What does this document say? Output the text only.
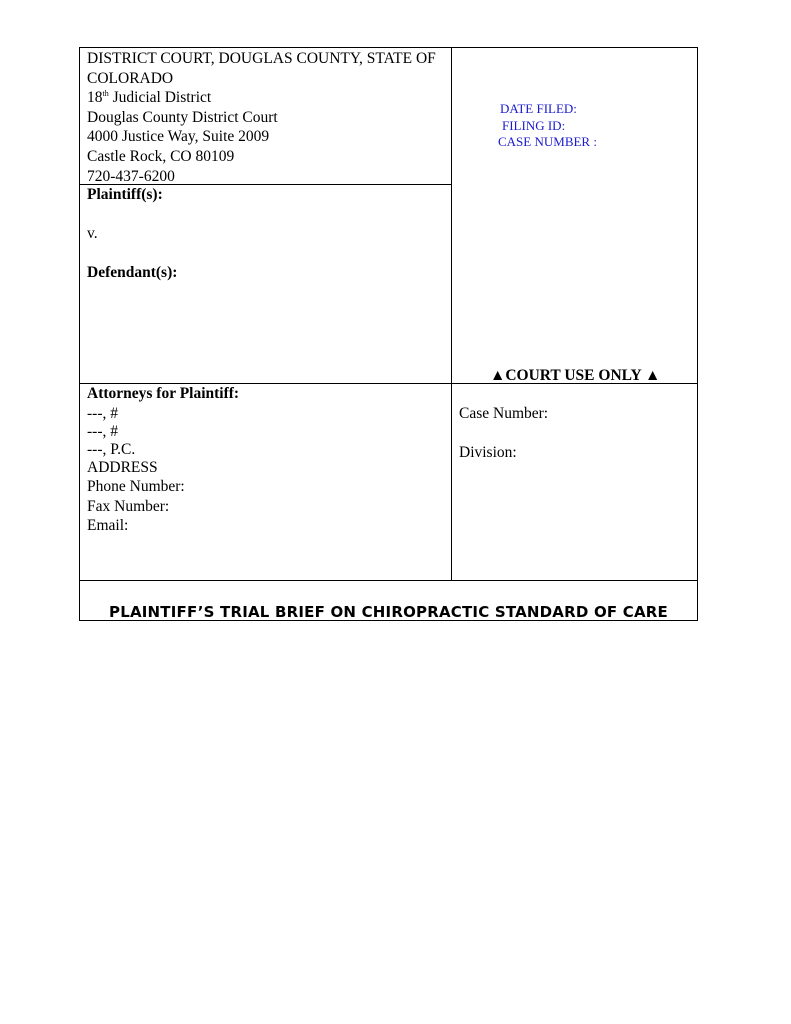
DISTRICT COURT, DOUGLAS COUNTY, STATE OF
COLORADO
18th Judicial District
Douglas County District Court
4000 Justice Way, Suite 2009
Castle Rock, CO 80109
720-437-6200
DATE FILED:
FILING ID:
CASE NUMBER :
Plaintiff(s):
v.
Defendant(s):
▲COURT USE ONLY ▲
Attorneys for Plaintiff:
---, #
---, #
---, P.C.
ADDRESS
Phone Number:
Fax Number:
Email:
Case Number:
Division:
PLAINTIFF’S TRIAL BRIEF ON CHIROPRACTIC STANDARD OF CARE
